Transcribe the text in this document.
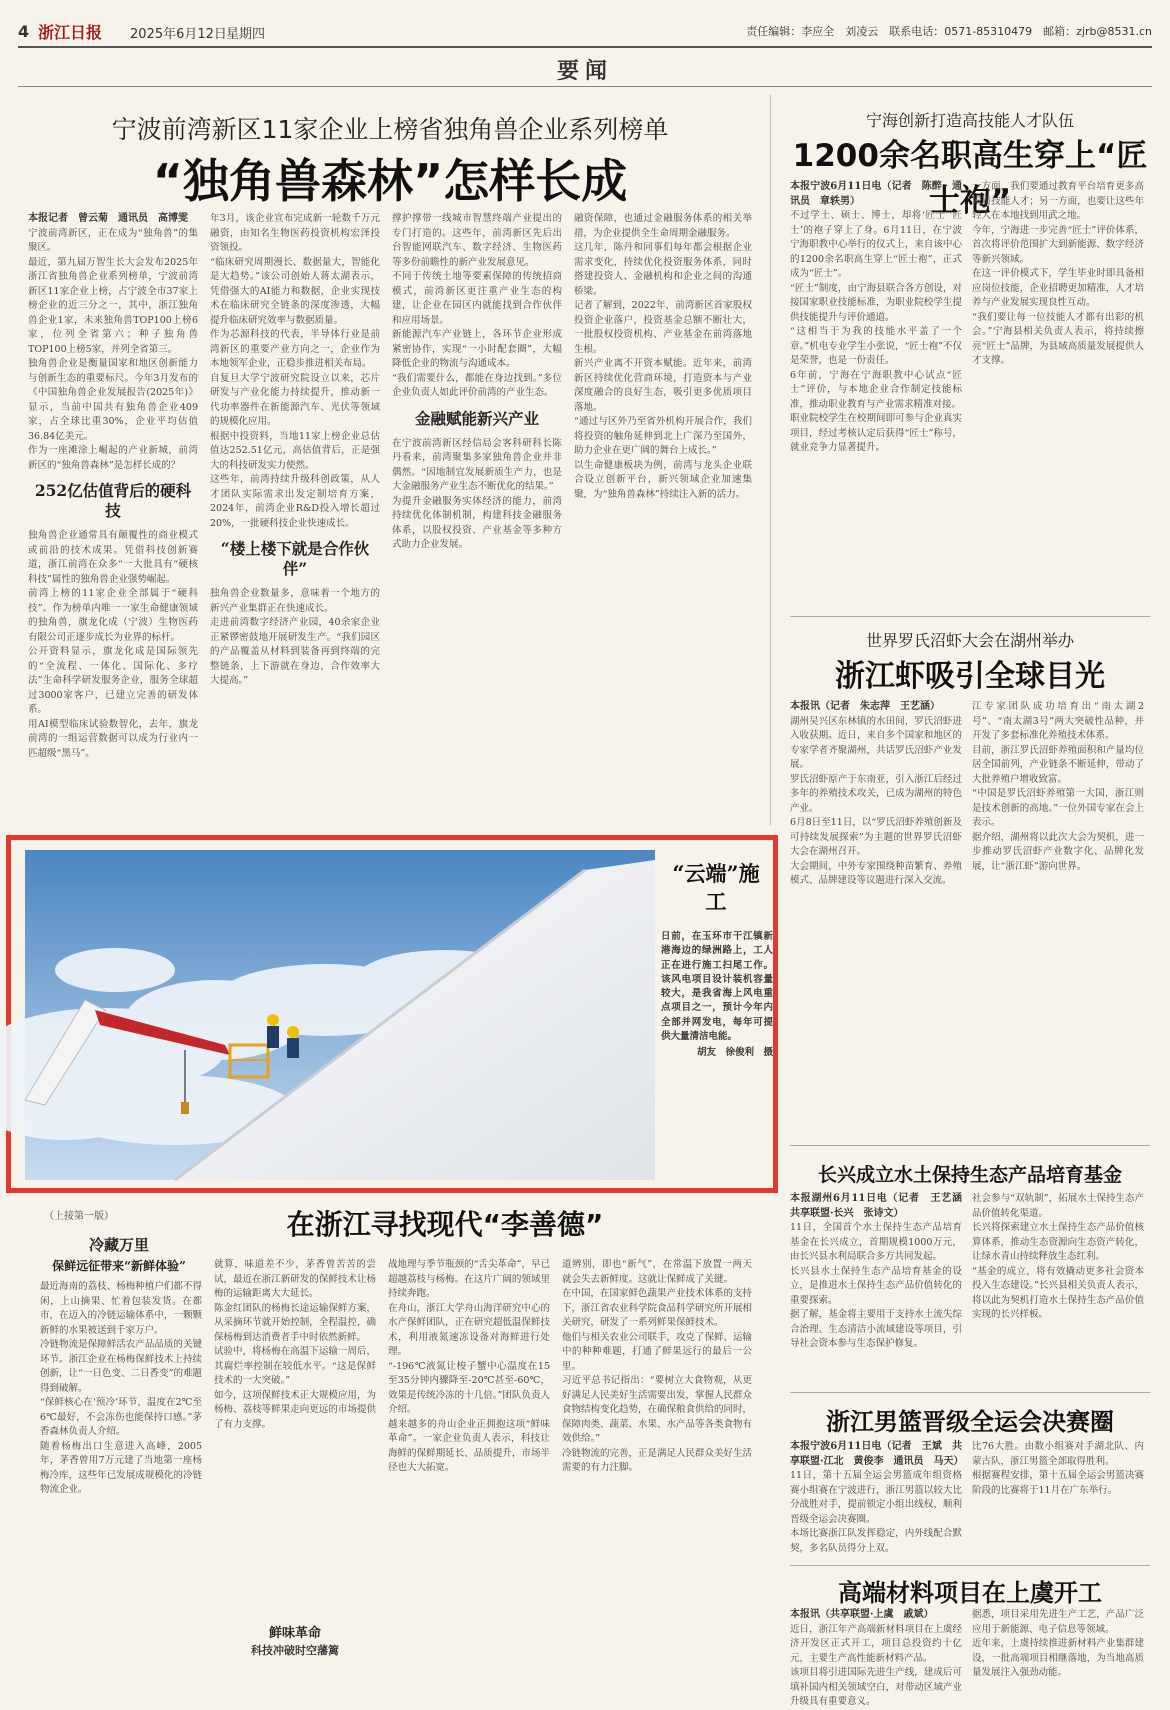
4 浙江日报 2025年6月12日 星期四	责任编辑：李应全　刘凌云　联系电话：0571-85310479　邮箱：zjrb@8531.cn
要闻
宁波前湾新区11家企业上榜省独角兽企业系列榜单
“独角兽森林”怎样长成

本报记者　曾云菊　通讯员　高博雯

宁波前湾新区，正在成为“独角兽”的集聚区。

最近，第九届万智生长大会发布2025年浙江省独角兽企业系列榜单，宁波前湾新区11家企业上榜，占宁波全市37家上榜企业的近三分之一，其中，浙江独角兽企业1家，未来独角兽TOP100上榜6家，位列全省第六；种子独角兽TOP100上榜5家，并列全省第三。

独角兽企业是衡量国家和地区创新能力与创新生态的重要标尺。今年3月发布的《中国独角兽企业发展报告(2025年)》显示，当前中国共有独角兽企业409家，占全球比重30%，企业平均估值36.84亿美元。

作为一座滩涂上崛起的产业新城，前湾新区的“独角兽森林”是怎样长成的？

252亿估值背后的硬科技

独角兽企业通常具有颠覆性的商业模式或前沿的技术成果。凭借科技创新赛道，浙江前湾在众多“一大批具有“硬核科技”属性的独角兽企业强势崛起。

前湾上榜的11家企业全部属于“硬科技”。作为榜单内唯一一家生命健康领域的独角兽，旗龙化成（宁波）生物医药有限公司正逐步成长为业界的标杆。

公开资料显示，旗龙化成是国际领先的“全流程、一体化、国际化、多疗法”生命科学研发服务企业，服务全球超过3000家客户，已建立完善的研发体系。

用AI模型临床试验数智化，去年，旗龙前湾的一组运营数据可以成为行业内一匹超级“黑马”。

年3月，该企业宣布完成新一轮数千万元融资，由知名生物医药投资机构宏泽投资领投。

“临床研究周期漫长、数据量大，智能化是大趋势。”该公司创始人蒋太湖表示，凭借强大的AI能力和数据，企业实现技术在临床研究全链条的深度渗透，大幅提升临床研究效率与数据质量。

作为芯源科技的代表，半导体行业是前湾新区的重要产业方向之一，企业作为本地领军企业，正稳步推进相关布局。

自复旦大学宁波研究院设立以来，芯片研发与产业化能力持续提升，推动新一代功率器件在新能源汽车、光伏等领域的规模化应用。

根据中投资料，当地11家上榜企业总估值达252.51亿元，高估值背后，正是强大的科技研发实力使然。

这些年，前湾持续升级科创政策，从人才团队实际需求出发定制培育方案，2024年，前湾企业R&D投入增长超过20%，一批硬科技企业快速成长。

“楼上楼下就是合作伙伴”

独角兽企业数量多，意味着一个地方的新兴产业集群正在快速成长。

走进前湾数字经济产业园，40余家企业正紧锣密鼓地开展研发生产。“我们园区的产品覆盖从材料到装备再到终端的完整链条，上下游就在身边，合作效率大大提高。”

撑护撑带一线城市智慧终端产业提出的专门打造的。这些年，前湾新区先后出台智能网联汽车、数字经济、生物医药等多份前瞻性的新产业发展意见。

不同于传统土地等要素保障的传统招商模式，前湾新区更注重产业生态的构建，让企业在园区内就能找到合作伙伴和应用场景。

新能源汽车产业链上，各环节企业形成紧密协作，实现“一小时配套圈”，大幅降低企业的物流与沟通成本。

“我们需要什么，都能在身边找到。”多位企业负责人如此评价前湾的产业生态。

金融赋能新兴产业

在宁波前湾新区经信局会客科研科长陈丹看来，前湾聚集多家独角兽企业并非偶然。“因地制宜发展新质生产力，也是大金融服务产业生态不断优化的结果。”

为提升金融服务实体经济的能力，前湾持续优化体制机制，构建科技金融服务体系，以股权投资、产业基金等多种方式助力企业发展。

融资保障，也通过金融服务体系的相关举措，为企业提供全生命周期金融服务。

这几年，陈丹和同事们每年都会根据企业需求变化，持续优化投资服务体系，同时搭建投资人、金融机构和企业之间的沟通桥梁。

记者了解到，2022年，前湾新区首家股权投资企业落户，投资基金总额不断壮大，一批股权投资机构、产业基金在前湾落地生根。

新兴产业离不开资本赋能。近年来，前湾新区持续优化营商环境，打造资本与产业深度融合的良好生态，吸引更多优质项目落地。

“通过与区外乃至省外机构开展合作，我们将投资的触角延伸到北上广深乃至国外，助力企业在更广阔的舞台上成长。”

以生命健康板块为例，前湾与龙头企业联合设立创新平台，新兴领域企业加速集聚，为“独角兽森林”持续注入新的活力。

宁海创新打造高技能人才队伍
1200余名职高生穿上“匠士袍”

本报宁波6月11日电（记者　陈醉　通讯员　章轶男）

不过学士、硕士、博士，却将‘匠士’‘匠士’的袍子穿上了身。6月11日，在宁波宁海职教中心举行的仪式上，来自该中心的1200余名职高生穿上“匠士袍”，正式成为“匠士”。

“匠士”制度，由宁海县联合各方创设，对接国家职业技能标准，为职业院校学生提供技能提升与评价通道。

“这相当于为我的技能水平盖了一个章。”机电专业学生小张说，“匠士袍”不仅是荣誉，也是一份责任。

6年前，宁海在宁海职教中心试点“匠士”评价，与本地企业合作制定技能标准，推动职业教育与产业需求精准对接。

职业院校学生在校期间即可参与企业真实项目，经过考核认定后获得“匠士”称号，就业竞争力显著提升。

一方面，我们要通过教育平台培育更多高素质技能人才；另一方面，也要让这些年轻人在本地找到用武之地。

今年，宁海进一步完善“匠士”评价体系，首次将评价范围扩大到新能源、数字经济等新兴领域。

在这一评价模式下，学生毕业时即具备相应岗位技能，企业招聘更加精准，人才培养与产业发展实现良性互动。

“我们要让每一位技能人才都有出彩的机会。”宁海县相关负责人表示，将持续擦亮“匠士”品牌，为县域高质量发展提供人才支撑。

世界罗氏沼虾大会在湖州举办
浙江虾吸引全球目光

本报讯（记者　朱志萍　王艺涵）

湖州吴兴区东林镇的水田间，罗氏沼虾进入收获期。近日，来自多个国家和地区的专家学者齐聚湖州，共话罗氏沼虾产业发展。

罗氏沼虾原产于东南亚，引入浙江后经过多年的养殖技术攻关，已成为湖州的特色产业。

6月8日至11日，以“罗氏沼虾养殖创新及可持续发展探索”为主题的世界罗氏沼虾大会在湖州召开。

大会期间，中外专家围绕种苗繁育、养殖模式、品牌建设等议题进行深入交流。

江专家团队成功培育出“南太湖2号”、“南太湖3号”两大突破性品种，并开发了多套标准化养殖技术体系。

目前，浙江罗氏沼虾养殖面积和产量均位居全国前列，产业链条不断延伸，带动了大批养殖户增收致富。

“中国是罗氏沼虾养殖第一大国，浙江则是技术创新的高地。”一位外国专家在会上表示。

据介绍，湖州将以此次大会为契机，进一步推动罗氏沼虾产业数字化、品牌化发展，让“浙江虾”游向世界。

“云端”施工
日前，在玉环市干江镇新港海边的绿洲路上，工人正在进行施工扫尾工作。该风电项目设计装机容量较大，是我省海上风电重点项目之一，预计今年内全部并网发电，每年可提供大量清洁电能。
胡友　徐俊利　摄
（上接第一版）	在浙江寻找现代“李善德”
冷藏万里
保鲜远征带来“新鲜体验”

最近海南的荔枝、杨梅种植户们都不得闲，上山摘果、忙着包装发货。在都市，在迈入的冷链运输体系中，一颗颗新鲜的水果被送到千家万户。

冷链物流是保障鲜活农产品品质的关键环节。浙江企业在杨梅保鲜技术上持续创新，让“一日色变、二日香变”的难题得到破解。

“保鲜核心在‘预冷’环节，温度在2℃至6℃最好，不会冻伤也能保持口感。”茅香森林负责人介绍。

随着杨梅出口生意进入高峰，2005年，茅香曾用7万元建了当地第一座杨梅冷库，这些年已发展成规模化的冷链物流企业。

就算，味道差不少，茅香曾苦苦的尝试，最近在浙江新研发的保鲜技术让杨梅的运输距离大大延长。

陈金红团队的杨梅长途运输保鲜方案，从采摘环节就开始控制，全程温控，确保杨梅到达消费者手中时依然新鲜。

试验中，将杨梅在高温下运输一周后，其腐烂率控制在较低水平。“这是保鲜技术的一大突破。”

如今，这项保鲜技术正大规模应用，为杨梅、荔枝等鲜果走向更远的市场提供了有力支撑。

鲜味革命

科技冲破时空藩篱

战地理与季节瓶颈的“舌尖革命”，早已超越荔枝与杨梅。在这片广阔的领域里持续奔跑。

在舟山，浙江大学舟山海洋研究中心的水产保鲜团队，正在研究超低温保鲜技术，利用液氮速冻设备对海鲜进行处理。

“-196℃液氮让梭子蟹中心温度在15至35分钟内骤降至-20℃甚至-60℃，效果是传统冷冻的十几倍。”团队负责人介绍。

越来越多的舟山企业正拥抱这项“鲜味革命”。一家企业负责人表示，科技让海鲜的保鲜期延长、品质提升，市场半径也大大拓宽。

道辨别，即也“新气”，在常温下放置一两天就会失去新鲜度。这就让保鲜成了关键。

在中国，在国家鲜色蔬果产业技术体系的支持下，浙江省农业科学院食品科学研究所开展相关研究，研发了一系列鲜果保鲜技术。

他们与相关农业公司联手，攻克了保鲜、运输中的种种难题，打通了鲜果远行的最后一公里。

习近平总书记指出：“要树立大食物观，从更好满足人民美好生活需要出发，掌握人民群众食物结构变化趋势，在确保粮食供给的同时，保障肉类、蔬菜、水果、水产品等各类食物有效供给。”

冷链物流的完善，正是满足人民群众美好生活需要的有力注脚。

长兴成立水土保持生态产品培育基金

本报湖州6月11日电（记者　王艺涵　共享联盟·长兴　张诗文）

11日，全国首个水土保持生态产品培育基金在长兴成立，首期规模1000万元，由长兴县水利局联合多方共同发起。

长兴县水土保持生态产品培育基金的设立，是推进水土保持生态产品价值转化的重要探索。

据了解，基金将主要用于支持水土流失综合治理、生态清洁小流域建设等项目，引导社会资本参与生态保护修复。

社会参与“双轨制”，拓展水土保持生态产品价值转化渠道。

长兴将探索建立水土保持生态产品价值核算体系，推动生态资源向生态资产转化，让绿水青山持续释放生态红利。

“基金的成立，将有效撬动更多社会资本投入生态建设。”长兴县相关负责人表示，将以此为契机打造水土保持生态产品价值实现的长兴样板。

浙江男篮晋级全运会决赛圈

本报宁波6月11日电（记者　王斌　共享联盟·江北　黄俊李　通讯员　马天）

11日，第十五届全运会男篮成年组资格赛小组赛在宁波进行，浙江男篮以较大比分战胜对手，提前锁定小组出线权，顺利晋级全运会决赛圈。

本场比赛浙江队发挥稳定，内外线配合默契，多名队员得分上双。

比76大胜。由数小组赛对手湖北队、内蒙古队，浙江男篮全部取得胜利。

根据赛程安排，第十五届全运会男篮决赛阶段的比赛将于11月在广东举行。

高端材料项目在上虞开工

本报讯（共享联盟·上虞　戚斌）

近日，浙江年产高端新材料项目在上虞经济开发区正式开工，项目总投资约十亿元，主要生产高性能新材料产品。

该项目将引进国际先进生产线，建成后可填补国内相关领域空白，对带动区域产业升级具有重要意义。

据悉，项目采用先进生产工艺，产品广泛应用于新能源、电子信息等领域。

近年来，上虞持续推进新材料产业集群建设，一批高端项目相继落地，为当地高质量发展注入强劲动能。
